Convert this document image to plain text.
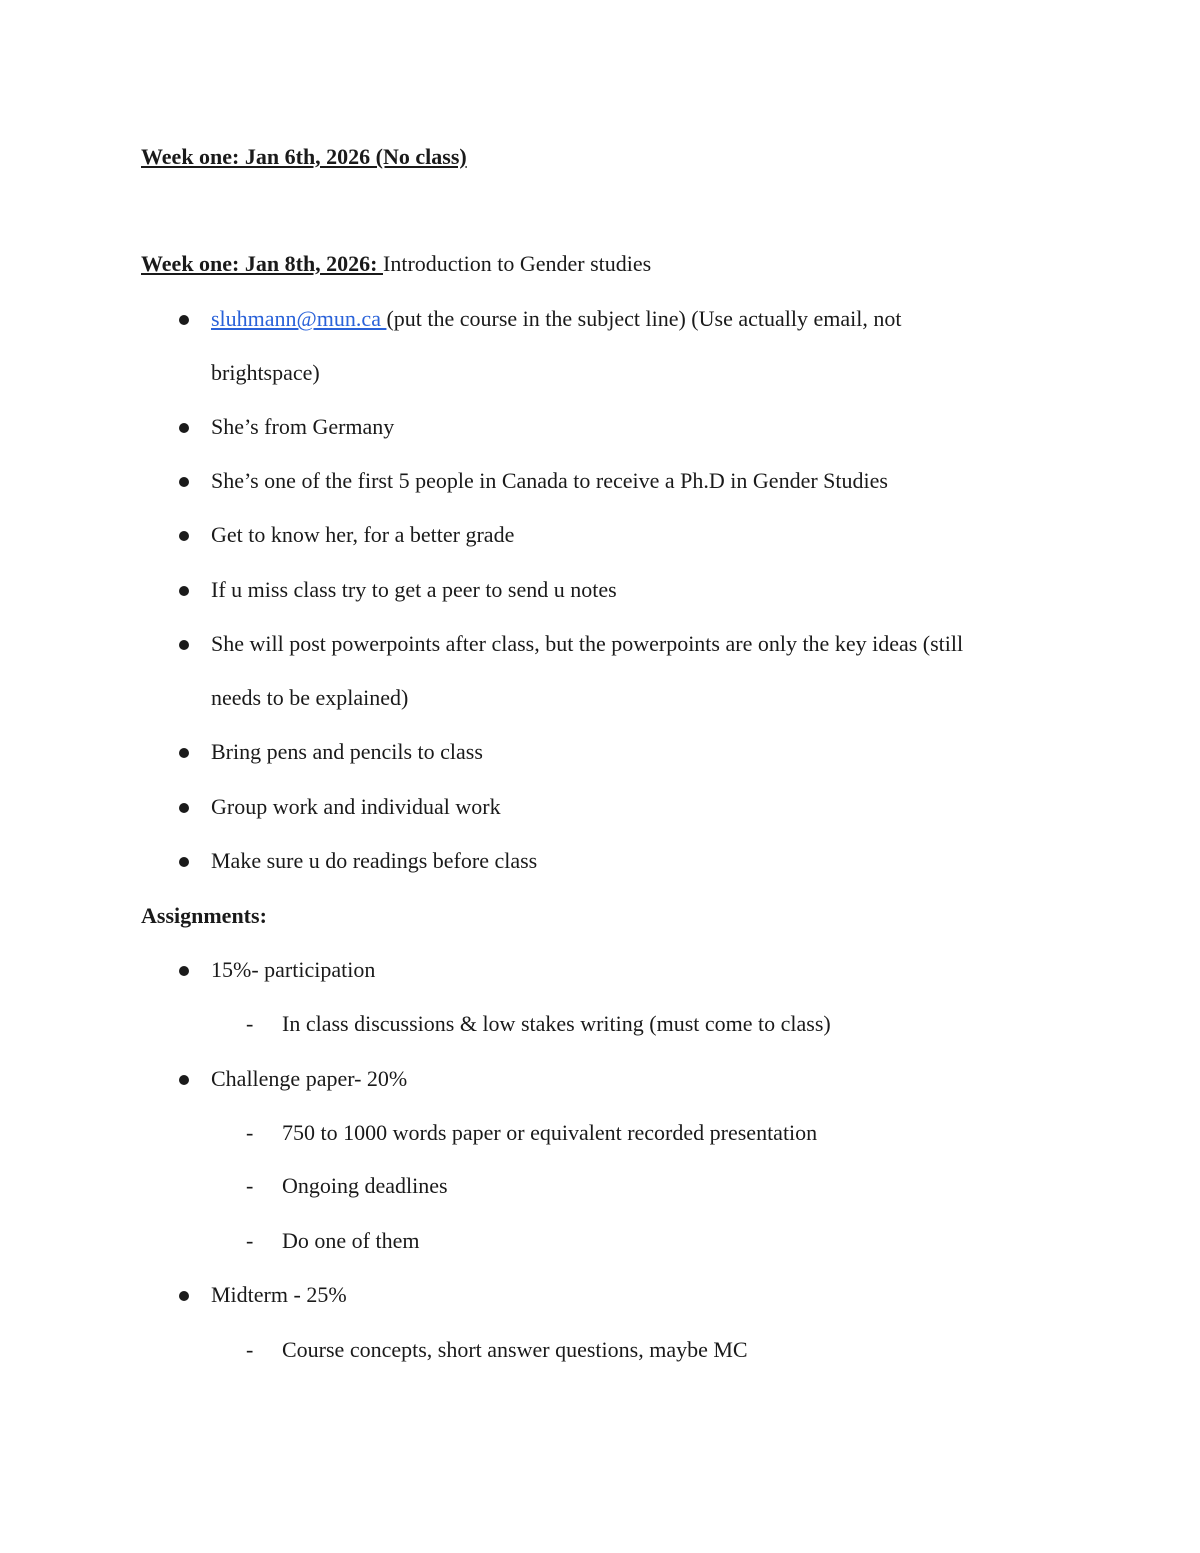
Week one: Jan 6th, 2026 (No class)
Week one: Jan 8th, 2026: Introduction to Gender studies
sluhmann@mun.ca (put the course in the subject line) (Use actually email, not
brightspace)
She’s from Germany
She’s one of the first 5 people in Canada to receive a Ph.D in Gender Studies
Get to know her, for a better grade
If u miss class try to get a peer to send u notes
She will post powerpoints after class, but the powerpoints are only the key ideas (still
needs to be explained)
Bring pens and pencils to class
Group work and individual work
Make sure u do readings before class
Assignments:
15%- participation
- In class discussions & low stakes writing (must come to class)
Challenge paper- 20%
- 750 to 1000 words paper or equivalent recorded presentation
- Ongoing deadlines
- Do one of them
Midterm - 25%
- Course concepts, short answer questions, maybe MC
